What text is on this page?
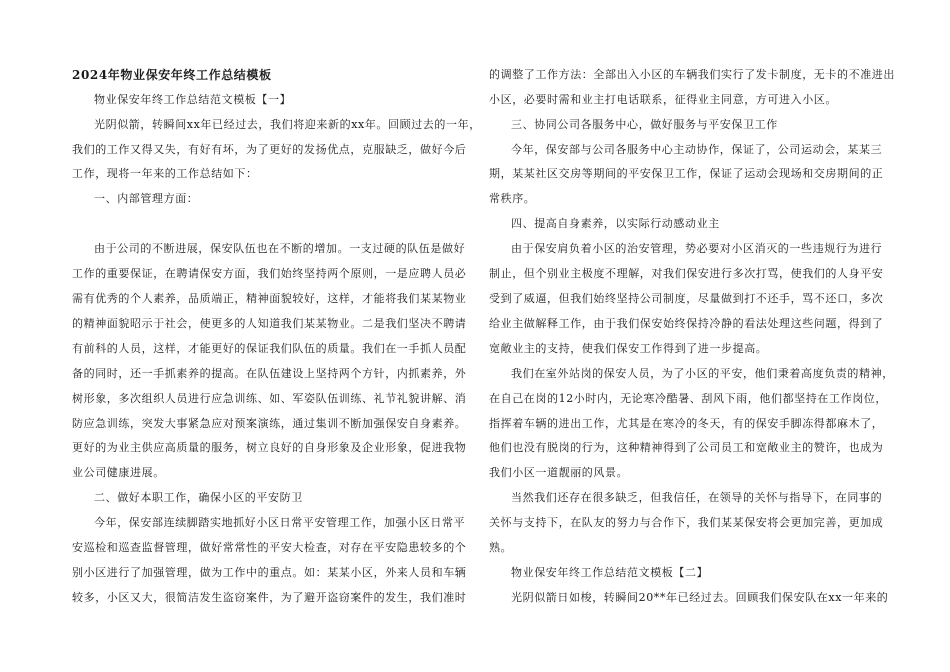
2024年物业保安年终工作总结模板
物业保安年终工作总结范文模板【一】
光阴似箭，转瞬间xx年已经过去，我们将迎来新的xx年。回顾过去的一年，
我们的工作又得又失，有好有坏，为了更好的发扬优点，克服缺乏，做好今后
工作，现将一年来的工作总结如下：
一、内部管理方面：
由于公司的不断进展，保安队伍也在不断的增加。一支过硬的队伍是做好
工作的重要保证，在聘请保安方面，我们始终坚持两个原则，一是应聘人员必
需有优秀的个人素养，品质端正，精神面貌较好，这样，才能将我们某某物业
的精神面貌昭示于社会，使更多的人知道我们某某物业。二是我们坚决不聘请
有前科的人员，这样，才能更好的保证我们队伍的质量。我们在一手抓人员配
备的同时，还一手抓素养的提高。在队伍建设上坚持两个方针，内抓素养，外
树形象，多次组织人员进行应急训练、如、军姿队伍训练、礼节礼貌讲解、消
防应急训练，突发大事紧急应对预案演练，通过集训不断加强保安自身素养。
更好的为业主供应高质量的服务，树立良好的自身形象及企业形象，促进我物
业公司健康进展。
二、做好本职工作，确保小区的平安防卫
今年，保安部连续脚踏实地抓好小区日常平安管理工作，加强小区日常平
安巡检和巡查监督管理，做好常常性的平安大检查，对存在平安隐患较多的个
别小区进行了加强管理，做为工作中的重点。如：某某小区，外来人员和车辆
较多，小区又大，很简洁发生盗窃案件，为了避开盗窃案件的发生，我们准时
的调整了工作方法：全部出入小区的车辆我们实行了发卡制度，无卡的不准进出
小区，必要时需和业主打电话联系，征得业主同意，方可进入小区。
三、协同公司各服务中心，做好服务与平安保卫工作
今年，保安部与公司各服务中心主动协作，保证了，公司运动会，某某三
期，某某社区交房等期间的平安保卫工作，保证了运动会现场和交房期间的正
常秩序。
四、提高自身素养，以实际行动感动业主
由于保安肩负着小区的治安管理，势必要对小区消灭的一些违规行为进行
制止，但个别业主极度不理解，对我们保安进行多次打骂，使我们的人身平安
受到了威逼，但我们始终坚持公司制度，尽量做到打不还手，骂不还口，多次
给业主做解释工作，由于我们保安始终保持冷静的看法处理这些问题，得到了
宽敞业主的支持，使我们保安工作得到了进一步提高。
我们在室外站岗的保安人员，为了小区的平安，他们秉着高度负责的精神，
在自己在岗的12小时内，无论寒冷酷暑、刮风下雨，他们都坚持在工作岗位，
指挥着车辆的进出工作，尤其是在寒冷的冬天，有的保安手脚冻得都麻木了，
他们也没有脱岗的行为，这种精神得到了公司员工和宽敞业主的赞许，也成为
我们小区一道靓丽的风景。
当然我们还存在很多缺乏，但我信任，在领导的关怀与指导下，在同事的
关怀与支持下，在队友的努力与合作下，我们某某保安将会更加完善，更加成
熟。
物业保安年终工作总结范文模板【二】
光阴似箭日如梭，转瞬间20**年已经过去。回顾我们保安队在xx一年来的
